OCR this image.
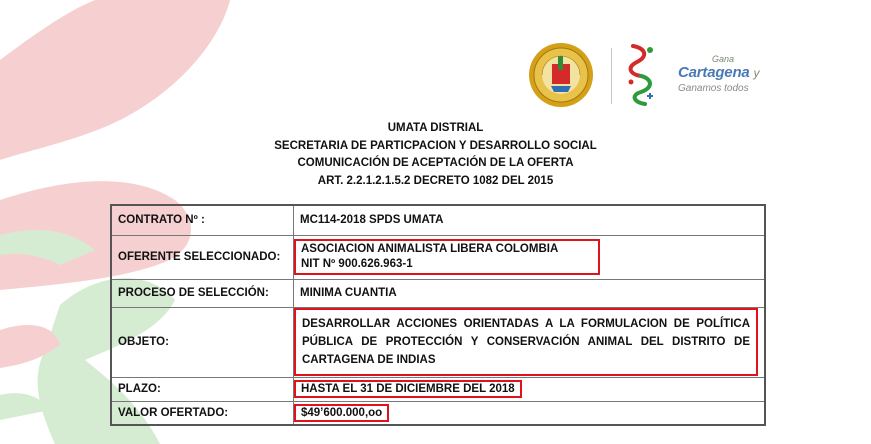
Gana
Cartagena y
Ganamos todos
UMATA DISTRIAL
SECRETARIA DE PARTICPACION Y DESARROLLO SOCIAL
COMUNICACIÓN DE ACEPTACIÓN DE LA OFERTA
ART. 2.2.1.2.1.5.2 DECRETO 1082 DEL 2015
CONTRATO Nº :	MC114-2018 SPDS UMATA
OFERENTE SELECCIONADO:	ASOCIACION ANIMALISTA LIBERA COLOMBIA
NIT Nº 900.626.963-1
PROCESO DE SELECCIÓN:	MINIMA CUANTIA
OBJETO:	DESARROLLAR ACCIONES ORIENTADAS A LA FORMULACION DE POLÍTICA PÚBLICA DE PROTECCIÓN Y CONSERVACIÓN ANIMAL DEL DISTRITO DE CARTAGENA DE INDIAS
PLAZO:	HASTA EL 31 DE DICIEMBRE DEL 2018
VALOR OFERTADO:	$49’600.000,oo
